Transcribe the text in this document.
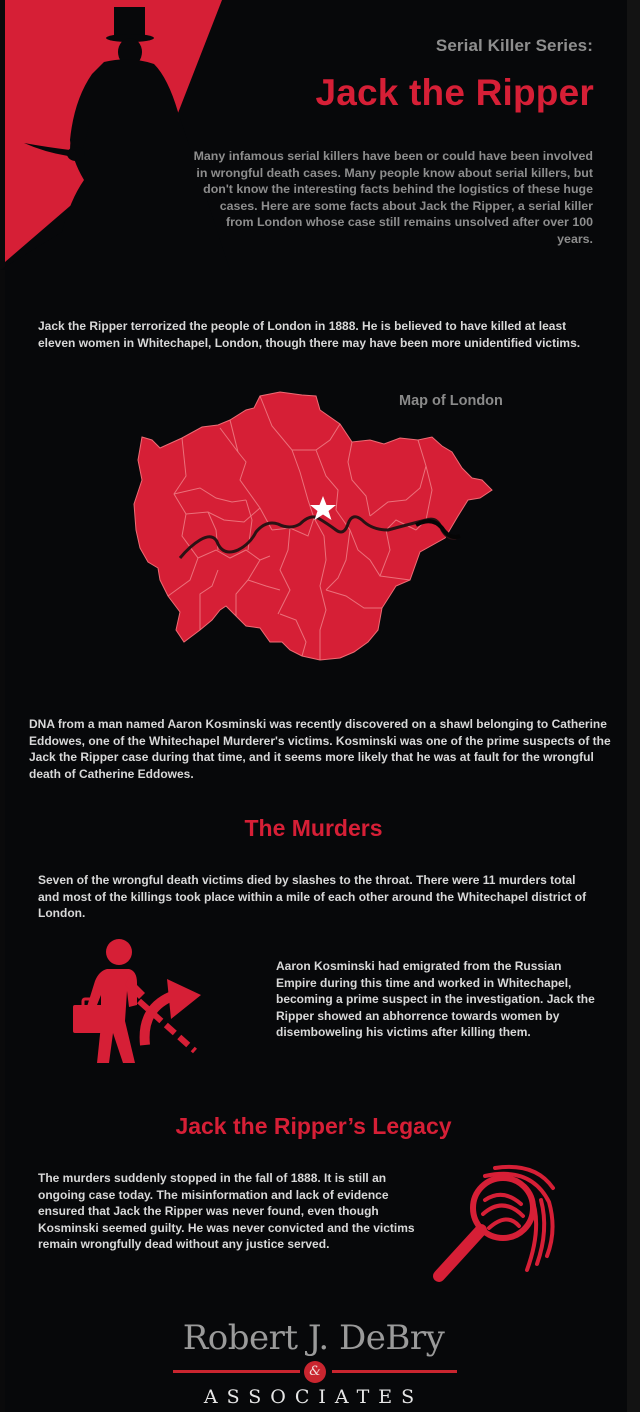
Serial Killer Series:
Jack the Ripper
Many infamous serial killers have been or could have been involved in wrongful death cases. Many people know about serial killers, but don't know the interesting facts behind the logistics of these huge cases. Here are some facts about Jack the Ripper, a serial killer from London whose case still remains unsolved after over 100 years.
Jack the Ripper terrorized the people of London in 1888. He is believed to have killed at least eleven women in Whitechapel, London, though there may have been more unidentified victims.
Map of London
DNA from a man named Aaron Kosminski was recently discovered on a shawl belonging to Catherine Eddowes, one of the Whitechapel Murderer's victims. Kosminski was one of the prime suspects of the Jack the Ripper case during that time, and it seems more likely that he was at fault for the wrongful death of Catherine Eddowes.
The Murders
Seven of the wrongful death victims died by slashes to the throat. There were 11 murders total and most of the killings took place within a mile of each other around the Whitechapel district of London.
Aaron Kosminski had emigrated from the Russian Empire during this time and worked in Whitechapel, becoming a prime suspect in the investigation. Jack the Ripper showed an abhorrence towards women by disemboweling his victims after killing them.
Jack the Ripper’s Legacy
The murders suddenly stopped in the fall of 1888. It is still an ongoing case today. The misinformation and lack of evidence ensured that Jack the Ripper was never found, even though Kosminski seemed guilty. He was never convicted and the victims remain wrongfully dead without any justice served.
Robert J. DeBry
&
ASSOCIATES
